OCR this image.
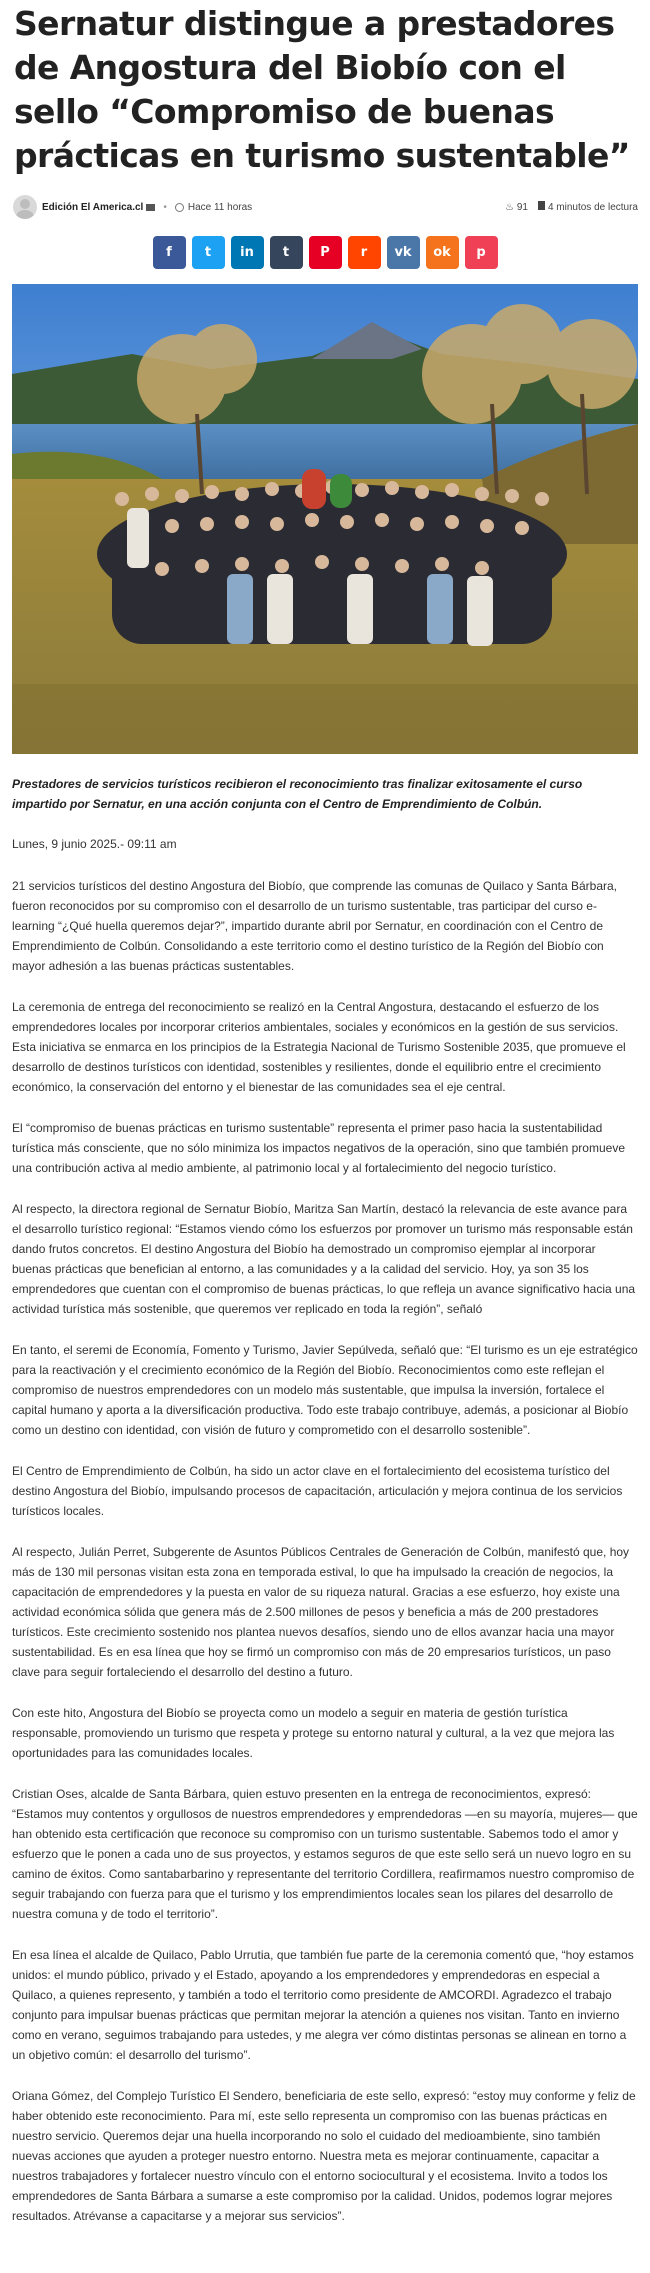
Sernatur distingue a prestadores de Angostura del Biobío con el sello “Compromiso de buenas prácticas en turismo sustentable”
Edición El America.cl • Hace 11 horas	♨ 91	4 minutos de lectura
f	t in t P r vk ok p

Prestadores de servicios turísticos recibieron el reconocimiento tras finalizar exitosamente el curso impartido por Sernatur, en una acción conjunta con el Centro de Emprendimiento de Colbún.

Lunes, 9 junio 2025.- 09:11 am

21 servicios turísticos del destino Angostura del Biobío, que comprende las comunas de Quilaco y Santa Bárbara, fueron reconocidos por su compromiso con el desarrollo de un turismo sustentable, tras participar del curso e-learning “¿Qué huella queremos dejar?”, impartido durante abril por Sernatur, en coordinación con el Centro de Emprendimiento de Colbún. Consolidando a este territorio como el destino turístico de la Región del Biobío con mayor adhesión a las buenas prácticas sustentables.

La ceremonia de entrega del reconocimiento se realizó en la Central Angostura, destacando el esfuerzo de los emprendedores locales por incorporar criterios ambientales, sociales y económicos en la gestión de sus servicios. Esta iniciativa se enmarca en los principios de la Estrategia Nacional de Turismo Sostenible 2035, que promueve el desarrollo de destinos turísticos con identidad, sostenibles y resilientes, donde el equilibrio entre el crecimiento económico, la conservación del entorno y el bienestar de las comunidades sea el eje central.

El “compromiso de buenas prácticas en turismo sustentable” representa el primer paso hacia la sustentabilidad turística más consciente, que no sólo minimiza los impactos negativos de la operación, sino que también promueve una contribución activa al medio ambiente, al patrimonio local y al fortalecimiento del negocio turístico.

Al respecto, la directora regional de Sernatur Biobío, Maritza San Martín, destacó la relevancia de este avance para el desarrollo turístico regional: “Estamos viendo cómo los esfuerzos por promover un turismo más responsable están dando frutos concretos. El destino Angostura del Biobío ha demostrado un compromiso ejemplar al incorporar buenas prácticas que benefician al entorno, a las comunidades y a la calidad del servicio. Hoy, ya son 35 los emprendedores que cuentan con el compromiso de buenas prácticas, lo que refleja un avance significativo hacia una actividad turística más sostenible, que queremos ver replicado en toda la región”, señaló

En tanto, el seremi de Economía, Fomento y Turismo, Javier Sepúlveda, señaló que: “El turismo es un eje estratégico para la reactivación y el crecimiento económico de la Región del Biobío. Reconocimientos como este reflejan el compromiso de nuestros emprendedores con un modelo más sustentable, que impulsa la inversión, fortalece el capital humano y aporta a la diversificación productiva. Todo este trabajo contribuye, además, a posicionar al Biobío como un destino con identidad, con visión de futuro y comprometido con el desarrollo sostenible”.

El Centro de Emprendimiento de Colbún, ha sido un actor clave en el fortalecimiento del ecosistema turístico del destino Angostura del Biobío, impulsando procesos de capacitación, articulación y mejora continua de los servicios turísticos locales.

Al respecto, Julián Perret, Subgerente de Asuntos Públicos Centrales de Generación de Colbún, manifestó que, hoy más de 130 mil personas visitan esta zona en temporada estival, lo que ha impulsado la creación de negocios, la capacitación de emprendedores y la puesta en valor de su riqueza natural. Gracias a ese esfuerzo, hoy existe una actividad económica sólida que genera más de 2.500 millones de pesos y beneficia a más de 200 prestadores turísticos. Este crecimiento sostenido nos plantea nuevos desafíos, siendo uno de ellos avanzar hacia una mayor sustentabilidad. Es en esa línea que hoy se firmó un compromiso con más de 20 empresarios turísticos, un paso clave para seguir fortaleciendo el desarrollo del destino a futuro.

Con este hito, Angostura del Biobío se proyecta como un modelo a seguir en materia de gestión turística responsable, promoviendo un turismo que respeta y protege su entorno natural y cultural, a la vez que mejora las oportunidades para las comunidades locales.

Cristian Oses, alcalde de Santa Bárbara, quien estuvo presenten en la entrega de reconocimientos, expresó: “Estamos muy contentos y orgullosos de nuestros emprendedores y emprendedoras —en su mayoría, mujeres— que han obtenido esta certificación que reconoce su compromiso con un turismo sustentable. Sabemos todo el amor y esfuerzo que le ponen a cada uno de sus proyectos, y estamos seguros de que este sello será un nuevo logro en su camino de éxitos. Como santabarbarino y representante del territorio Cordillera, reafirmamos nuestro compromiso de seguir trabajando con fuerza para que el turismo y los emprendimientos locales sean los pilares del desarrollo de nuestra comuna y de todo el territorio”.

En esa línea el alcalde de Quilaco, Pablo Urrutia, que también fue parte de la ceremonia comentó que, “hoy estamos unidos: el mundo público, privado y el Estado, apoyando a los emprendedores y emprendedoras en especial a Quilaco, a quienes represento, y también a todo el territorio como presidente de AMCORDI. Agradezco el trabajo conjunto para impulsar buenas prácticas que permitan mejorar la atención a quienes nos visitan. Tanto en invierno como en verano, seguimos trabajando para ustedes, y me alegra ver cómo distintas personas se alinean en torno a un objetivo común: el desarrollo del turismo”.

Oriana Gómez, del Complejo Turístico El Sendero, beneficiaria de este sello, expresó: “estoy muy conforme y feliz de haber obtenido este reconocimiento. Para mí, este sello representa un compromiso con las buenas prácticas en nuestro servicio. Queremos dejar una huella incorporando no solo el cuidado del medioambiente, sino también nuevas acciones que ayuden a proteger nuestro entorno. Nuestra meta es mejorar continuamente, capacitar a nuestros trabajadores y fortalecer nuestro vínculo con el entorno sociocultural y el ecosistema. Invito a todos los emprendedores de Santa Bárbara a sumarse a este compromiso por la calidad. Unidos, podemos lograr mejores resultados. Atrévanse a capacitarse y a mejorar sus servicios”.
